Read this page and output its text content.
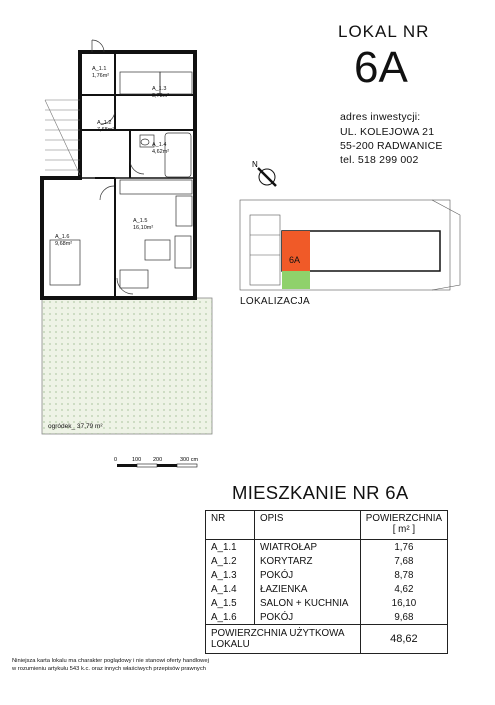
LOKAL NR
6A
adres inwestycji:
UL. KOLEJOWA 21
55-200 RADWANICE
tel. 518 299 002
A_1.1
1,76m²
A_1.2
7,68m²
A_1.3
8,78m²
A_1.4
4,62m²
A_1.5
16,10m²
A_1.6
9,68m²
ogródek_ 37,79 m²
0	100 200	300 cm
N
6A
LOKALIZACJA
MIESZKANIE NR 6A
NR	OPIS	POWIERZCHNIA
[ m² ]

A_1.1	WIATROŁAP	1,76
A_1.2	KORYTARZ	7,68
A_1.3	POKÓJ	8,78
A_1.4	ŁAZIENKA	4,62
A_1.5	SALON + KUCHNIA	16,10
A_1.6	POKÓJ	9,68
POWIERZCHNIA UŻYTKOWA LOKALU		48,62
Niniejsza karta lokalu ma charakter poglądowy i nie stanowi oferty handlowej
w rozumieniu artykułu 543 k.c. oraz innych właściwych przepisów prawnych
